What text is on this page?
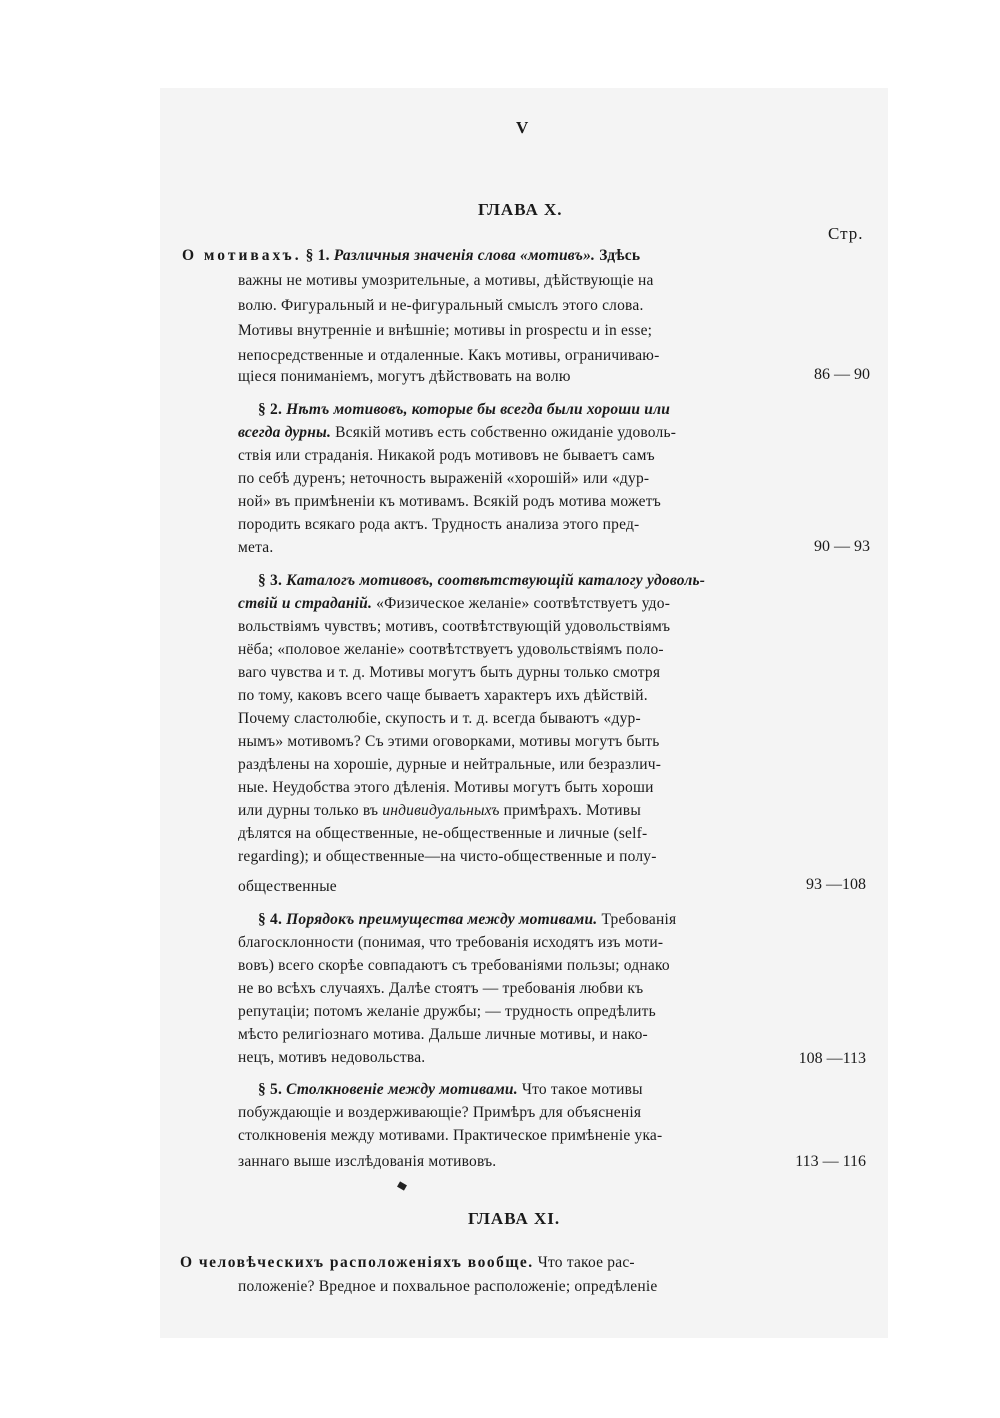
V
ГЛАВА X.
Стр.
О мотивахъ. § 1. Различныя значенія слова «мотивъ». Здѣсь
важны не мотивы умозрительные, а мотивы, дѣйствующіе на
волю. Фигуральный и не-фигуральный смыслъ этого слова.
Мотивы внутренніе и внѣшніе; мотивы in prospectu и in esse;
непосредственные и отдаленные. Какъ мотивы, ограничиваю-
щіеся пониманіемъ, могутъ дѣйствовать на волю	86 — 90
§ 2. Нѣтъ мотивовъ, которые бы всегда были хороши или
всегда дурны. Всякій мотивъ есть собственно ожиданіе удоволь-
ствія или страданія. Никакой родъ мотивовъ не бываетъ самъ
по себѣ дуренъ; неточность выраженій «хорошій» или «дур-
ной» въ примѣненіи къ мотивамъ. Всякій родъ мотива можетъ
породить всякаго рода актъ. Трудность анализа этого пред-
мета.	90 — 93
§ 3. Каталогъ мотивовъ, соотвѣтствующій каталогу удоволь-
ствій и страданій. «Физическое желаніе» соотвѣтствуетъ удо-
вольствіямъ чувствъ; мотивъ, соотвѣтствующій удовольствіямъ
нёба; «половое желаніе» соотвѣтствуетъ удовольствіямъ поло-
ваго чувства и т. д. Мотивы могутъ быть дурны только смотря
по тому, каковъ всего чаще бываетъ характеръ ихъ дѣйствій.
Почему сластолюбіе, скупость и т. д. всегда бываютъ «дур-
нымъ» мотивомъ? Съ этими оговорками, мотивы могутъ быть
раздѣлены на хорошіе, дурные и нейтральные, или безразлич-
ные. Неудобства этого дѣленія. Мотивы могутъ быть хороши
или дурны только въ индивидуальныхъ примѣрахъ. Мотивы
дѣлятся на общественные, не-общественные и личные (self-
regarding); и общественные—на чисто-общественные и полу-
общественные	93 —108
§ 4. Порядокъ преимущества между мотивами. Требованія
благосклонности (понимая, что требованія исходятъ изъ моти-
вовъ) всего скорѣе совпадаютъ съ требованіями пользы; однако
не во всѣхъ случаяхъ. Далѣе стоятъ — требованія любви къ
репутаціи; потомъ желаніе дружбы; — трудность опредѣлить
мѣсто религіознаго мотива. Дальше личные мотивы, и нако-
нецъ, мотивъ недовольства.	108 —113
§ 5. Столкновеніе между мотивами. Что такое мотивы
побуждающіе и воздерживающіе? Примѣръ для объясненія
столкновенія между мотивами. Практическое примѣненіе ука-
заннаго выше изслѣдованія мотивовъ.	113 — 116
ГЛАВА XI.
О человѣческихъ расположеніяхъ вообще. Что такое рас-
положеніе? Вредное и похвальное расположеніе; опредѣленіе
